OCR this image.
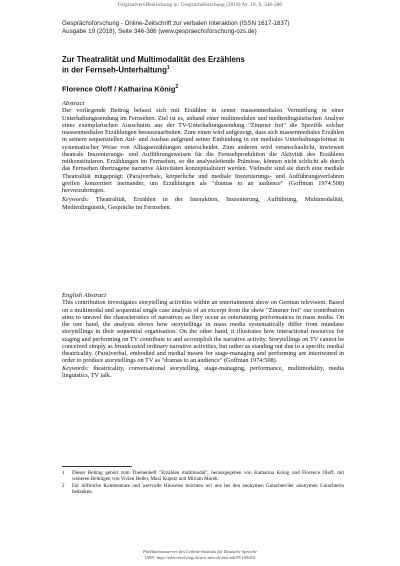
Originalveröffentlichung in: Gesprächsforschung (2018) Nr. 19, S. 346-386
Gesprächsforschung - Online-Zeitschrift zur verbalen Interaktion (ISSN 1617-1837)
Ausgabe 19 (2018), Seite 346-386 (www.gespraechsforschung-ozs.de)
Zur Theatralität und Multimodalität des Erzählens
in der Fernseh-Unterhaltung$^1$
Florence Oloff / Katharina König$^2$
Abstract

Der vorliegende Beitrag befasst sich mit Erzählen in seiner massenmedialen Vermittlung in einer Unterhaltungssendung im Fernsehen. Ziel ist es, anhand einer multimodalen und medienlinguistischen Analyse eines exemplarischen Ausschnitts aus der TV-Unterhaltungssendung "Zimmer frei" die Spezifik solcher massenmedialen Erzählungen herauszuarbeiten. Zum einen wird aufgezeigt, dass sich massenmediales Erzählen in seinem sequenziellen Auf- und Ausbau aufgrund seiner Einbindung in ein mediales Unterhaltungsformat in systematischer Weise von Alltagserzählungen unterscheidet. Zum anderen wird veranschaulicht, inwieweit theatrale Inszenierungs- und Aufführungsweisen für die Fernsehproduktion die Aktivität des Erzählens mitkonstituieren. Erzählungen im Fernsehen, so die analyseleitende Prämisse, können nicht schlicht als durch das Fernsehen übertragene narrative Aktivitäten konzeptualisiert werden. Vielmehr sind sie durch eine mediale Theatralität mitgeprägt: (Para)verbale, körperliche und mediale Inszenierungs- und Aufführungsverfahren greifen konzertiert ineinander, um Erzählungen als "dramas to an audience" (Goffman 1974:508) hervorzubringen.

Keywords: Theatralität, Erzählen in der Interaktion, Inszenierung, Aufführung, Multimodalität, Medienlinguistik, Gespräche im Fernsehen.

English Abstract

This contribution investigates storytelling activities within an entertainment show on German television. Based on a multimodal and sequential single case analysis of an excerpt from the show "Zimmer frei" our contribution aims to unravel the characteristics of narratives as they occur as entertaining performances in mass media. On the one hand, the analysis shows how storytellings in mass media systematically differ from mundane storytellings in their sequential organisation. On the other hand, it illustrates how interactional resources for staging and performing on TV contribute to and accomplish the narrative activity. Storytellings on TV cannot be conceived simply as broadcasted ordinary narrative activities, but rather as standing out due to a specific medial theatricality. (Para)verbal, embodied and medial means for stage-managing and performing are intertwined in order to produce storytellings on TV as "dramas to an audience" (Goffman 1974:508).

Keywords: theatricality, conversational storytelling, stage-managing, performance, multimodality, media linguistics, TV talk.

1	Dieser Beitrag gehört zum Themenheft "Erzählen multimodal", herausgegeben von Katharina König und Florence Oloff, mit weiteren Beiträgen von Vivien Heller, Maxi Kupetz und Miriam Morek.
2	Für hilfreiche Kommentare und wertvolle Hinweise möchten wir uns bei den anonymen Gutachter/der anonymen Gutachterin bedanken.
Publikationsserver des Leibniz-Instituts für Deutsche Sprache
URN: http://nbn-resolving.de/urn:nbn:de:bsz:mh39-109265
